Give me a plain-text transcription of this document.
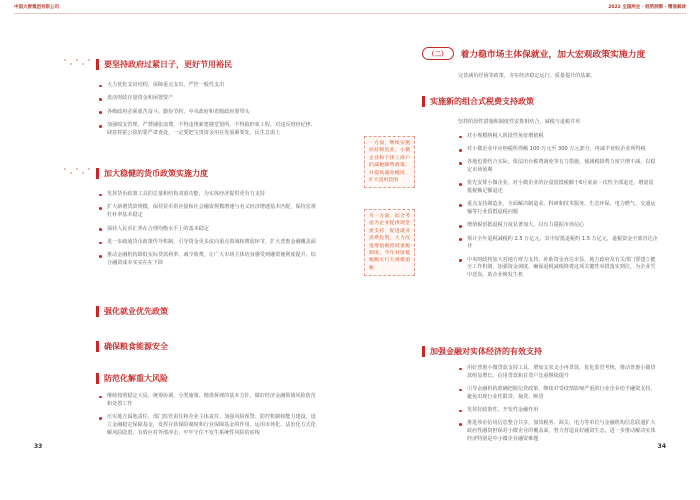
中国大唐集团有限公司
要坚持政府过紧日子，更好节用裕民
大力优化支出结构，保障重点支出，严控一般性支出
盘活财政存量资金和闲置资产
各级政府必须艰苦奋斗、勤俭节约，中央政府和省级政府要带头
加强收支管理，严禁铺张浪费，不得违规新建楼堂馆所，不得搞形象工程，对违反财经纪律、肆意挥霍公款的要严肃查处，一定要把宝贵资金用在发展紧要处、民生急需上
加大稳健的货币政策实施力度
发挥货币政策工具的总量和结构双重功能，为实体经济提供更有力支持
扩大新增贷款规模，保持货币供应量和社会融资规模增速与名义经济增速基本匹配，保持宏观杠杆率基本稳定
保持人民币汇率在合理均衡水平上的基本稳定
进一步疏通货币政策传导机制，引导资金更多流向重点领域和薄弱环节，扩大普惠金融覆盖面
推动金融机构降低实际贷款利率、减少收费，让广大市场主体切身感受到融资便利度提升、综合融资成本实实在在下降
强化就业优先政策
确保粮食能源安全
防范化解重大风险
继续按照稳定大局、统筹协调、分类施策、精准拆弹的基本方针，做好经济金融领域风险防范和处置工作
压实地方属地责任、部门监管责任和企业主体责任，加强风险预警、防控机制和能力建设，设立金融稳定保障基金，发挥存款保险制度和行业保障基金的作用，运用市场化、法治化方式化解风险隐患，有效应对外部冲击，牢牢守住不发生系统性风险的底线
33
2022 全国两会 · 趋势洞察 · 精准解读
（二）	着力稳市场主体保就业，加大宏观政策实施力度
完善减负纾困等政策，夯实经济稳定运行、质量提升的基础。
实施新的组合式税费支持政策
坚持阶段性措施和制度性安排相结合，减税与退税并举
一方面，继续实施扶持制造业、小微企业和个体工商户的减税降费政策，并提高减免幅度、扩大适用范围
另一方面，综合考虑为企业提供现金流支持、促进就业消费投资，大力改进增值税留抵退税制度，今年对留抵税额实行大规模退税
对小规模纳税人阶段性免征增值税
对小微企业年应纳税所得额 100 万元至 300 万元部分，再减半征收企业所得税
各地也要结合实际，依法出台税费减免等有力措施，使减税降费力度只增不减，以稳定市场预期
优先安排小微企业，对小微企业的存量留抵税额于6月底前一次性全部退还，增量留抵税额足额退还
重点支持制造业，全面解决制造业、科研和技术服务、生态环保、电力燃气、交通运输等行业留抵退税问题
增值税留抵退税力度显著加大，以有力提振市场信心
预计全年退税减税约 2.5 万亿元，其中留抵退税约 1.5 万亿元，退税资金全部直达企业
中央财政将加大对地方财力支持，补助资金直达市县，地方政府及有关部门要建立健全工作机制，加强资金调度，确保退税减税降费这项关键性举措落实到位，为企业雪中送炭、助企业焕发生机
加强金融对实体经济的有效支持
用好普惠小微贷款支持工具，增加支农支小再贷款，优化监管考核，推动普惠小微贷款明显增长、信用贷款和首贷户比重继续提升
引导金融机构准确把握信贷政策，继续对受疫情影响严重的行业企业给予融资支持，避免出现行业性限贷、抽贷、断贷
发挥好政策性、开发性金融作用
推进涉企信用信息整合共享，加快税务、海关、电力等单位与金融机构信息联通扩大政府性融资担保对小微企业的覆盖面，努力营造良好融资生态，进一步推动解决实体经济特别是中小微企业融资难题
34
